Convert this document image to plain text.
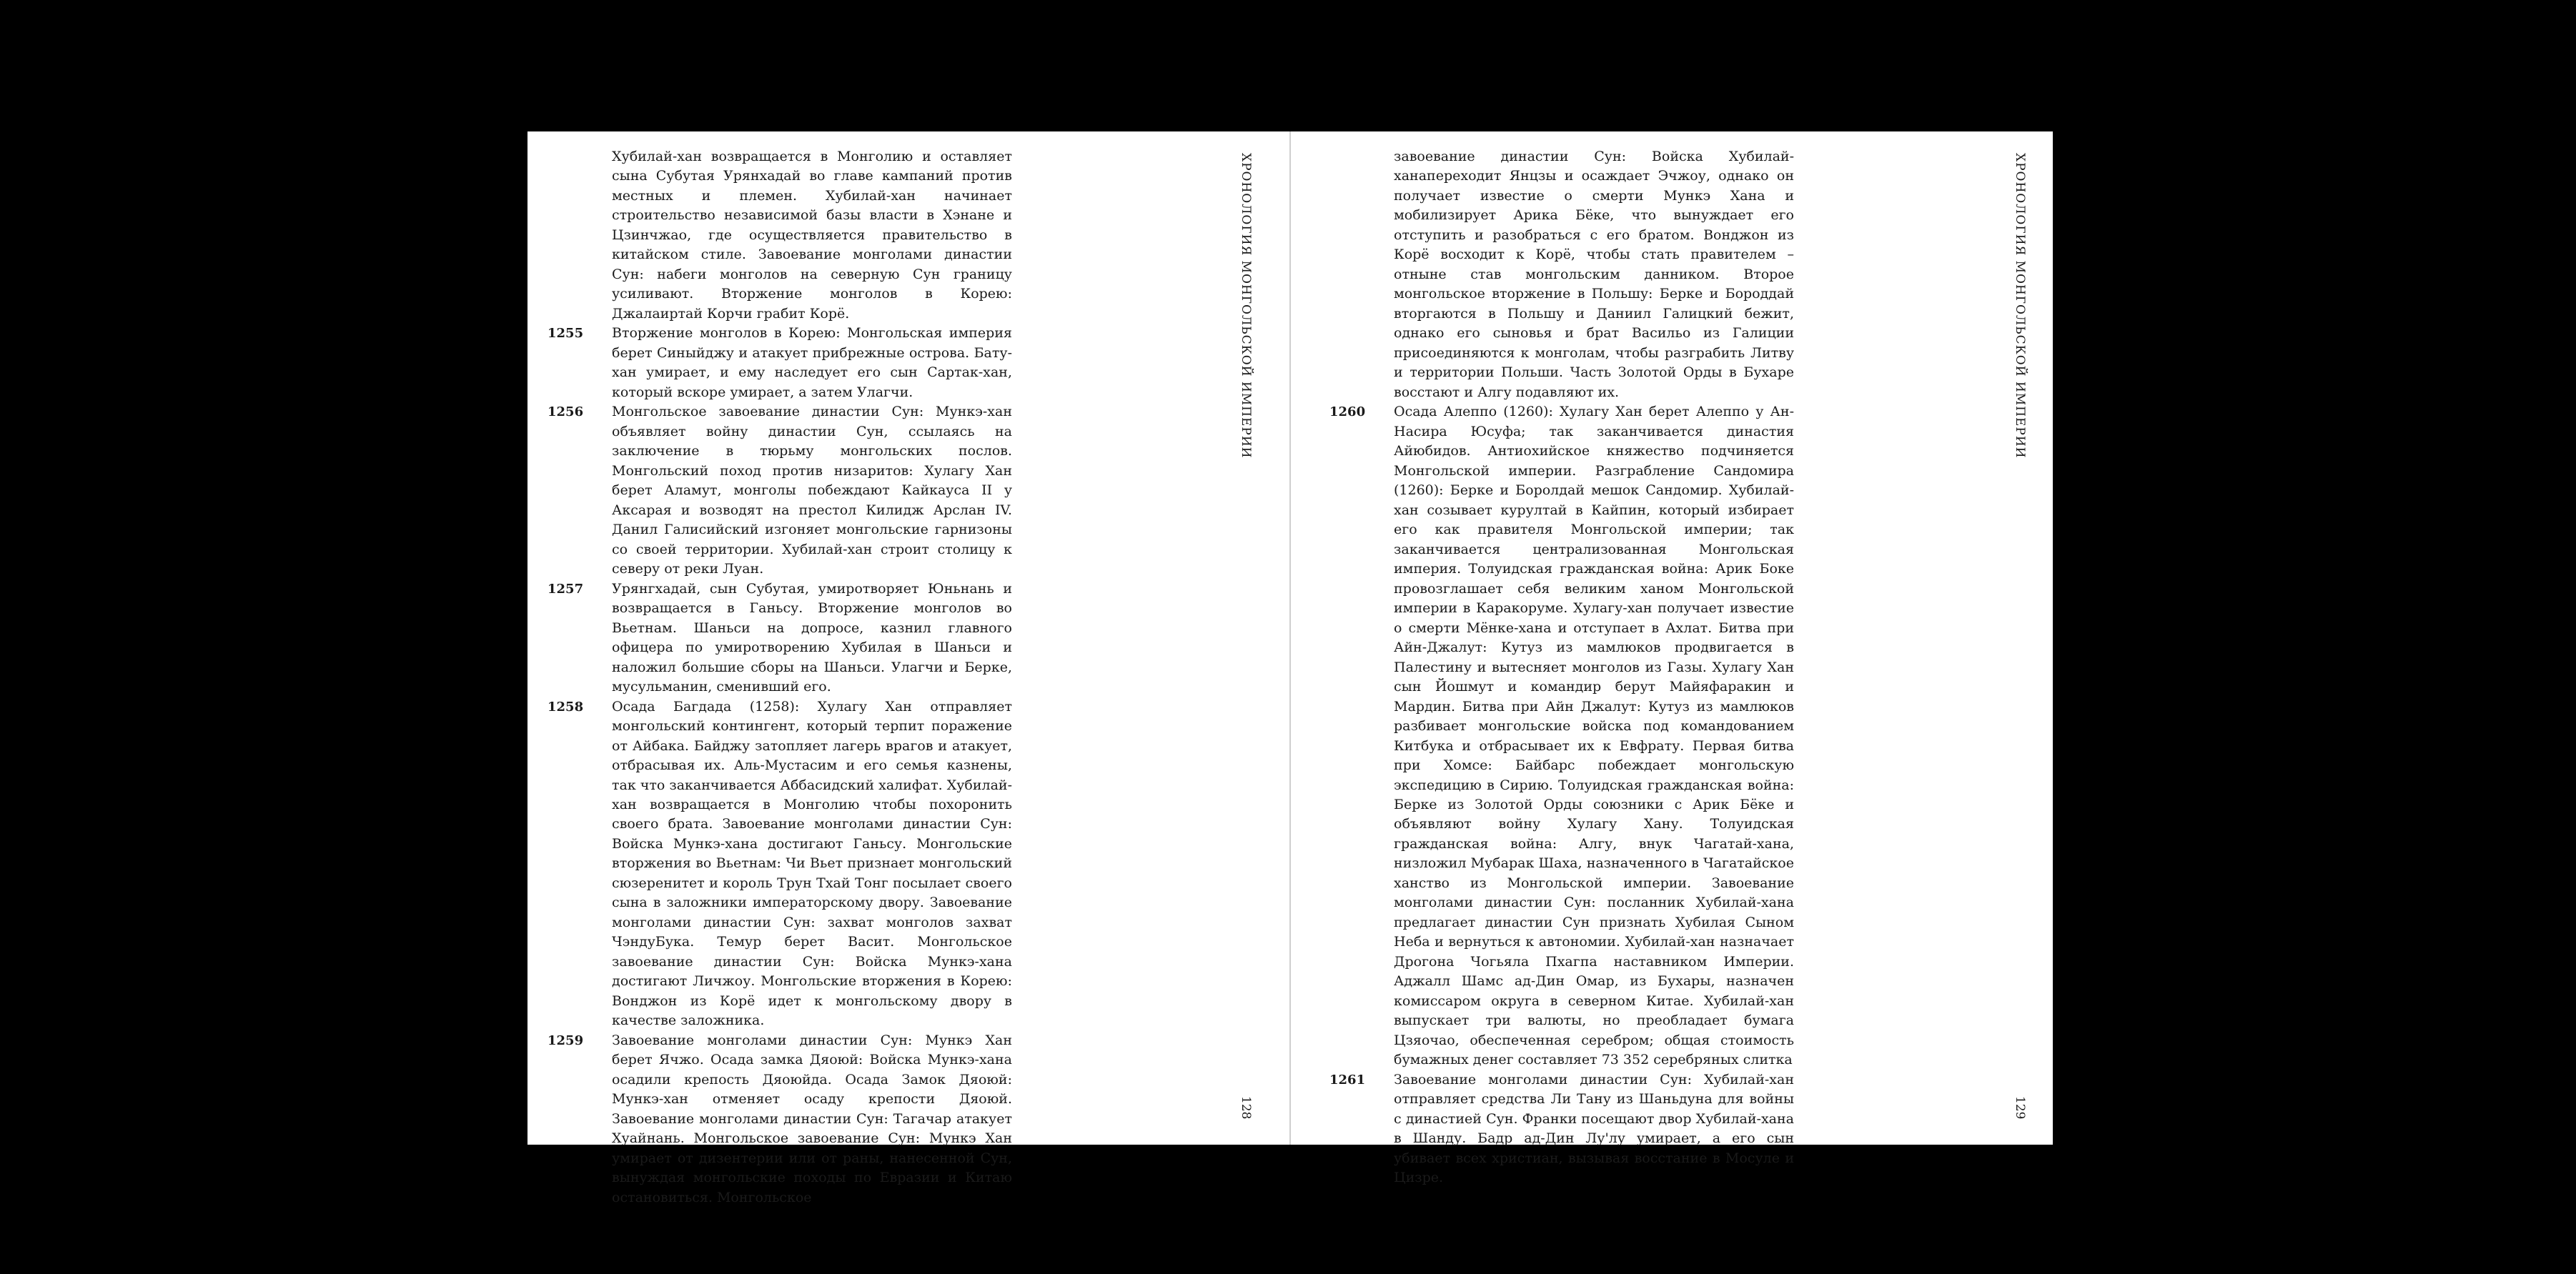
Хубилай-хан возвращается в Монголию и оставляет сына Субутая Урянхадай во главе кампаний против местных и племен. Хубилай-хан начинает строительство независимой базы власти в Хэнане и Цзинчжао, где осуществляется правительство в китайском стиле. Завоевание монголами династии Сун: набеги монголов на северную Сун границу усиливают. Вторжение монголов в Корею: Джалаиртай Корчи грабит Корё.

1255 Вторжение монголов в Корею: Монгольская империя берет Синыйджу и атакует прибрежные острова. Бату-хан умирает, и ему наследует его сын Сартак-хан, который вскоре умирает, а затем Улагчи.

1256 Монгольское завоевание династии Сун: Мункэ-хан объявляет войну династии Сун, ссылаясь на заключение в тюрьму монгольских послов. Монгольский поход против низаритов: Хулагу Хан берет Аламут, монголы побеждают Кайкауса II у Аксарая и возводят на престол Килидж Арслан IV. Данил Галисийский изгоняет монгольские гарнизоны со своей территории. Хубилай-хан строит столицу к северу от реки Луан.

1257 Урянгхадай, сын Субутая, умиротворяет Юньнань и возвращается в Ганьсу. Вторжение монголов во Вьетнам. Шаньси на допросе, казнил главного офицера по умиротворению Хубилая в Шаньси и наложил большие сборы на Шаньси. Улагчи и Берке, мусульманин, сменивший его.

1258 Осада Багдада (1258): Хулагу Хан отправляет монгольский контингент, который терпит поражение от Айбака. Байджу затопляет лагерь врагов и атакует, отбрасывая их. Аль-Мустасим и его семья казнены, так что заканчивается Аббасидский халифат. Хубилай-хан возвращается в Монголию чтобы похоронить своего брата. Завоевание монголами династии Сун: Войска Мункэ-хана достигают Ганьсу. Монгольские вторжения во Вьетнам: Чи Вьет признает монгольский сюзеренитет и король Трун Тхай Тонг посылает своего сына в заложники императорскому двору. Завоевание монголами династии Сун: захват монголов захват ЧэндуБука. Темур берет Васит. Монгольское завоевание династии Сун: Войска Мункэ-хана достигают Личжоу. Монгольские вторжения в Корею: Вонджон из Корё идет к монгольскому двору в качестве заложника.

1259 Завоевание монголами династии Сун: Мункэ Хан берет Ячжо. Осада замка Дяоюй: Войска Мункэ-хана осадили крепость Дяоюйда. Осада Замок Дяоюй: Мункэ-хан отменяет осаду крепости Дяоюй. Завоевание монголами династии Сун: Тагачар атакует Хуайнань. Монгольское завоевание Сун: Мункэ Хан умирает от дизентерии или от раны, нанесенной Сун, вынуждая монгольские походы по Евразии и Китаю остановиться. Монгольское

ХРОНОЛОГИЯ МОНГОЛЬСКОЙ ИМПЕРИИ
128

завоевание династии Сун: Войска Хубилай-ханапереходит Янцзы и осаждает Эчжоу, однако он получает известие о смерти Мункэ Хана и мобилизирует Арика Бёке, что вынуждает его отступить и разобраться с его братом. Вонджон из Корё восходит к Корё, чтобы стать правителем – отныне став монгольским данником. Второе монгольское вторжение в Польшу: Берке и Бороддай вторгаются в Польшу и Даниил Галицкий бежит, однако его сыновья и брат Васильо из Галиции присоединяются к монголам, чтобы разграбить Литву и территории Польши. Часть Золотой Орды в Бухаре восстают и Алгу подавляют их.

1260 Осада Алеппо (1260): Хулагу Хан берет Алеппо у Ан-Насира Юсуфа; так заканчивается династия Айюбидов. Антиохийское княжество подчиняется Монгольской империи. Разграбление Сандомира (1260): Берке и Боролдай мешок Сандомир. Хубилай-хан созывает курултай в Кайпин, который избирает его как правителя Монгольской империи; так заканчивается централизованная Монгольская империя. Толуидская гражданская война: Арик Боке провозглашает себя великим ханом Монгольской империи в Каракоруме. Хулагу-хан получает известие о смерти Мёнке-хана и отступает в Ахлат. Битва при Айн-Джалут: Кутуз из мамлюков продвигается в Палестину и вытесняет монголов из Газы. Хулагу Хан сын Йошмут и командир берут Майяфаракин и Мардин. Битва при Айн Джалут: Кутуз из мамлюков разбивает монгольские войска под командованием Китбука и отбрасывает их к Евфрату. Первая битва при Хомсе: Байбарс побеждает монгольскую экспедицию в Сирию. Толуидская гражданская война: Берке из Золотой Орды союзники с Арик Бёке и объявляют войну Хулагу Хану. Толуидская гражданская война: Алгу, внук Чагатай-хана, низложил Мубарак Шаха, назначенного в Чагатайское ханство из Монгольской империи. Завоевание монголами династии Сун: посланник Хубилай-хана предлагает династии Сун признать Хубилая Сыном Неба и вернуться к автономии. Хубилай-хан назначает Дрогона Чогьяла Пхагпа наставником Империи. Аджалл Шамс ад-Дин Омар, из Бухары, назначен комиссаром округа в северном Китае. Хубилай-хан выпускает три валюты, но преобладает бумага Цзяочао, обеспеченная серебром; общая стоимость бумажных денег составляет 73 352 серебряных слитка

1261 Завоевание монголами династии Сун: Хубилай-хан отправляет средства Ли Тану из Шаньдуна для войны с династией Сун. Франки посещают двор Хубилай-хана в Шанду. Бадр ад-Дин Лу'лу умирает, а его сын убивает всех христиан, вызывая восстание в Мосуле и Цизре.

ХРОНОЛОГИЯ МОНГОЛЬСКОЙ ИМПЕРИИ
129
